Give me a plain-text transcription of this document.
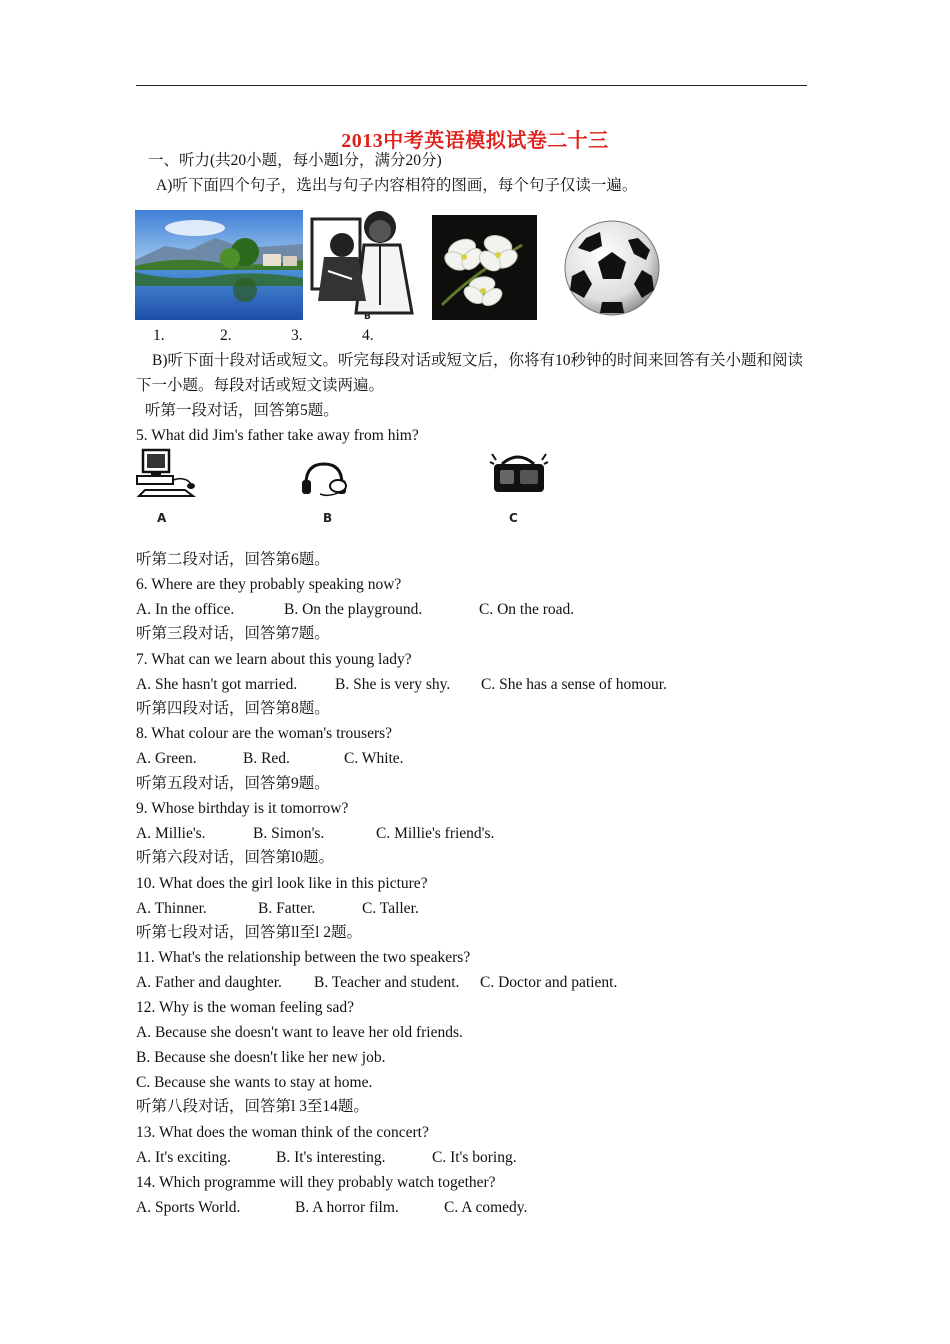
2013中考英语模拟试卷二十三
一、听力(共20小题，每小题l分，满分20分)
A)听下面四个句子，选出与句子内容相符的图画，每个句子仅读一遍。
B
1.	2.	3.	4.
B)听下面十段对话或短文。听完每段对话或短文后，你将有10秒钟的时间来回答有关小题和阅读下一小题。每段对话或短文读两遍。
听第一段对话，回答第5题。
5. What did Jim's father take away from him?
A	B	C
听第二段对话，回答第6题。
6. Where are they probably speaking now?
A. In the office.	B. On the playground.	C. On the road.
听第三段对话，回答第7题。
7. What can we learn about this young lady?
A. She hasn't got married. B. She is very shy. C. She has a sense of homour.
听第四段对话，回答第8题。
8. What colour are the woman's trousers?
A. Green.	B. Red.	C. White.
听第五段对话，回答第9题。
9. Whose birthday is it tomorrow?
A. Millie's.	B. Simon's.	C. Millie's friend's.
听第六段对话，回答第l0题。
10. What does the girl look like in this picture?
A. Thinner.	B. Fatter.	C. Taller.
听第七段对话，回答第ll至l 2题。
11. What's the relationship between the two speakers?
A. Father and daughter. B. Teacher and student. C. Doctor and patient.
12. Why is the woman feeling sad?
A. Because she doesn't want to leave her old friends.
B. Because she doesn't like her new job.
C. Because she wants to stay at home.
听第八段对话，回答第l 3至14题。
13. What does the woman think of the concert?
A. It's exciting.	B. It's interesting.	C. It's boring.
14. Which programme will they probably watch together?
A. Sports World.	B. A horror film.	C. A comedy.
